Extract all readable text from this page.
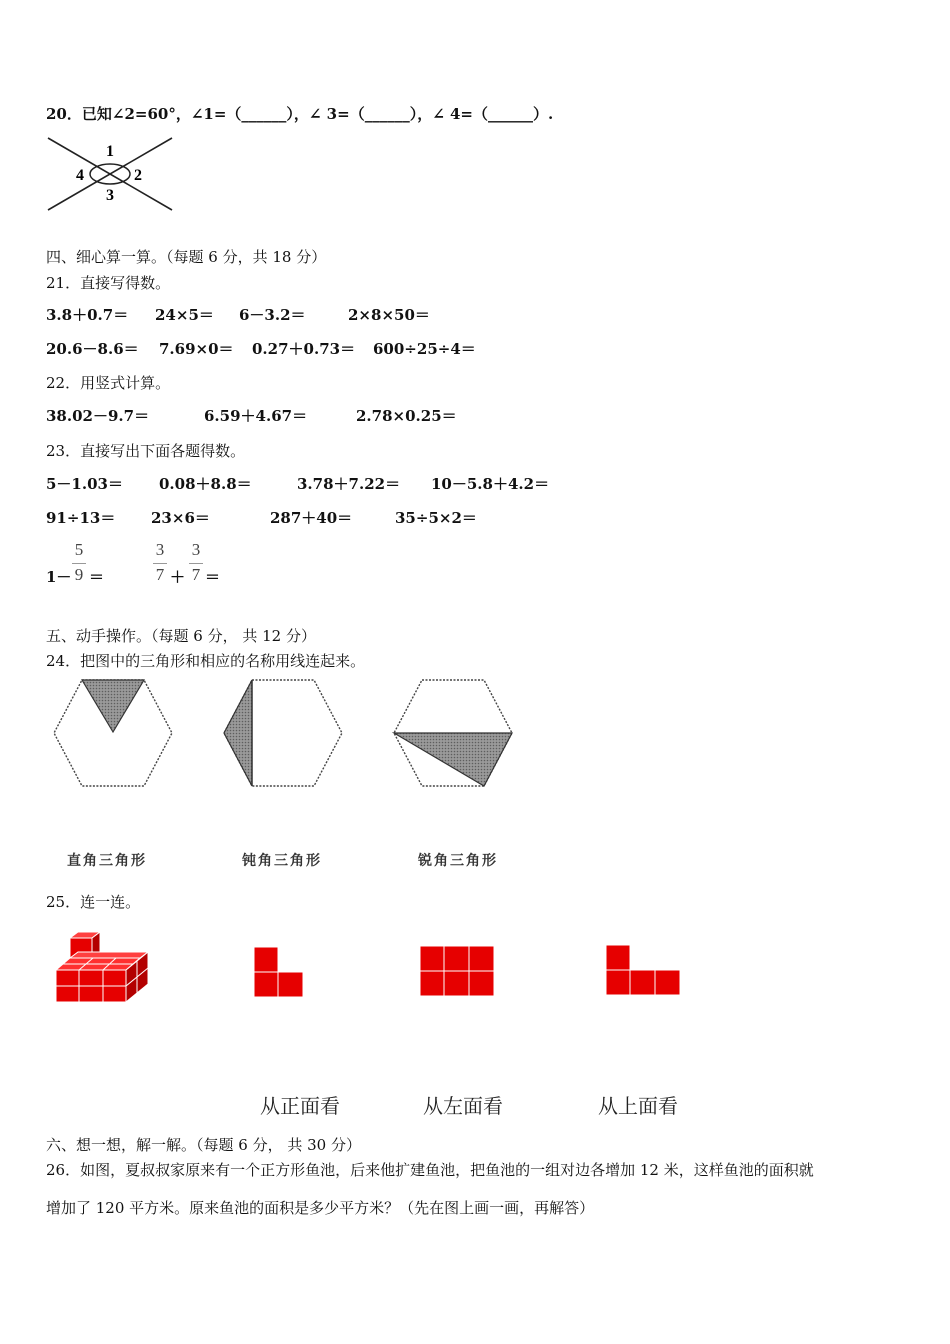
20．已知∠2=60°，∠1=（______），∠ 3=（______），∠ 4=（______）.
1
2
3
4
四、细心算一算。（每题 6 分，共 18 分）
21．直接写得数。
3.8＋0.7＝ 24×5＝ 6－3.2＝	2×8×50＝
20.6－8.6＝ 7.69×0＝ 0.27＋0.73＝ 600÷25÷4＝
22．用竖式计算。
38.02－9.7＝	6.59＋4.67＝	2.78×0.25＝
23．直接写出下面各题得数。
5－1.03＝ 0.08＋8.8＝	3.78＋7.22＝ 10－5.8＋4.2＝
91÷13＝ 23×6＝	287＋40＝	35÷5×2＝
1－
5
9 ＝
3
7 ＋
3
7 ＝
五、动手操作。（每题 6 分， 共 12 分）
24．把图中的三角形和相应的名称用线连起来。
直角三角形	钝角三角形	锐角三角形
25．连一连。
从正面看	从左面看	从上面看
六、想一想，解一解。（每题 6 分， 共 30 分）
26．如图，夏叔叔家原来有一个正方形鱼池，后来他扩建鱼池，把鱼池的一组对边各增加 12 米，这样鱼池的面积就
增加了 120 平方米。原来鱼池的面积是多少平方米？（先在图上画一画，再解答）
